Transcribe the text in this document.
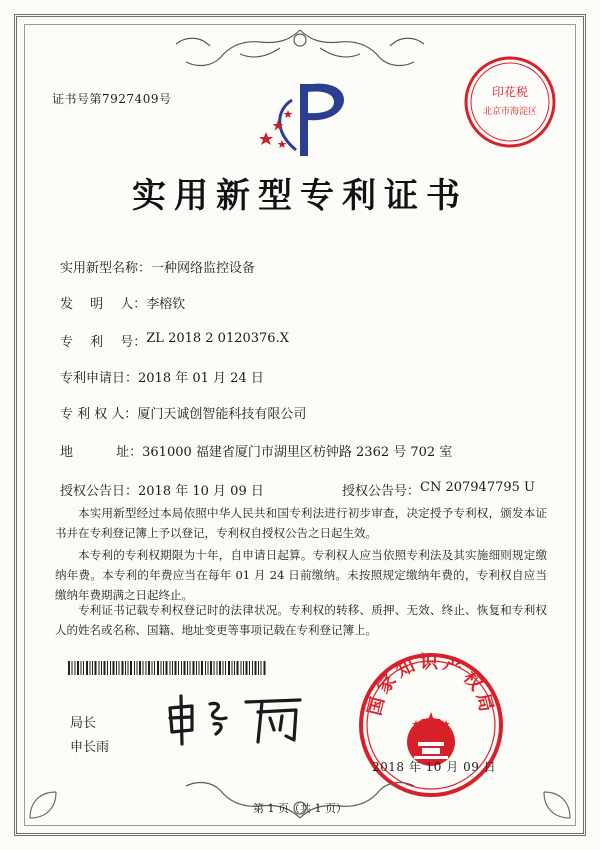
证书号第7927409号	印花税
北京市海淀区
实用新型专利证书
实用新型名称： 一种网络监控设备
发　 明　 人： 李榕钦
专　 利　 号： ZL 2018 2 0120376.X
专利申请日： 2018 年 01 月 24 日
专 利 权 人： 厦门天诚创智能科技有限公司
地　　　 址： 361000 福建省厦门市湖里区枋钟路 2362 号 702 室
授权公告日： 2018 年 10 月 09 日	授权公告号： CN 207947795 U
本实用新型经过本局依照中华人民共和国专利法进行初步审查，决定授予专利权，颁发本证书并在专利登记簿上予以登记，专利权自授权公告之日起生效。
本专利的专利权期限为十年，自申请日起算。专利权人应当依照专利法及其实施细则规定缴纳年费。本专利的年费应当在每年 01 月 24 日前缴纳。未按照规定缴纳年费的，专利权自应当缴纳年费期满之日起终止。
专利证书记载专利权登记时的法律状况。专利权的转移、质押、无效、终止、恢复和专利权人的姓名或名称、国籍、地址变更等事项记载在专利登记簿上。
局长
申长雨
国家知识产权局
2018 年 10 月 09 日
第 1 页（共 1 页）
